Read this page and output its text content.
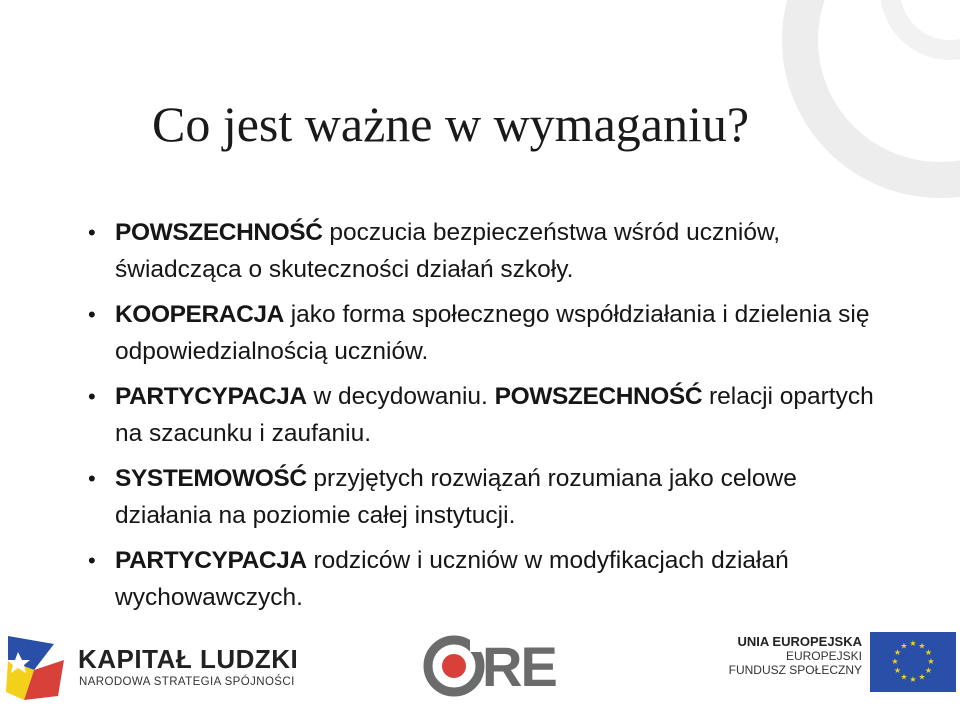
Co jest ważne w wymaganiu?
• POWSZECHNOŚĆ poczucia bezpieczeństwa wśród uczniów, świadcząca o skuteczności działań szkoły.
• KOOPERACJA jako forma społecznego współdziałania i dzielenia się odpowiedzialnością uczniów.
• PARTYCYPACJA w decydowaniu. POWSZECHNOŚĆ relacji opartych na szacunku i zaufaniu.
• SYSTEMOWOŚĆ przyjętych rozwiązań rozumiana jako celowe działania na poziomie całej instytucji.
• PARTYCYPACJA rodziców i uczniów w modyfikacjach działań wychowawczych.
KAPITAŁ LUDZKI
NARODOWA STRATEGIA SPÓJNOŚCI	RE	UNIA EUROPEJSKA
EUROPEJSKI
FUNDUSZ SPOŁECZNY
★ ★
★
★
★
★
★
★
★
★
★
★
